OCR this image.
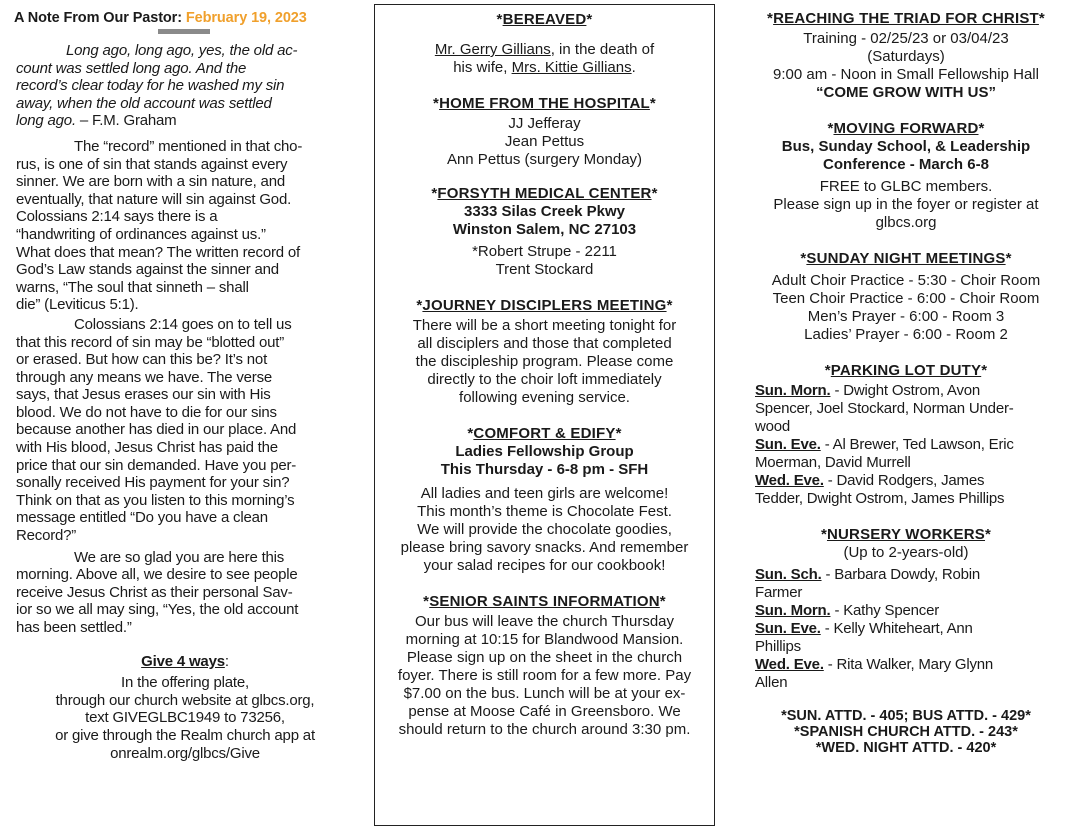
A Note From Our Pastor: February 19, 2023
Long ago, long ago, yes, the old ac-
count was settled long ago. And the
record’s clear today for he washed my sin
away, when the old account was settled
long ago. – F.M. Graham
The “record” mentioned in that cho-
rus, is one of sin that stands against every
sinner. We are born with a sin nature, and
eventually, that nature will sin against God.
Colossians 2:14 says there is a
“handwriting of ordinances against us.”
What does that mean? The written record of
God’s Law stands against the sinner and
warns, “The soul that sinneth – shall
die” (Leviticus 5:1).
Colossians 2:14 goes on to tell us
that this record of sin may be “blotted out”
or erased. But how can this be? It’s not
through any means we have. The verse
says, that Jesus erases our sin with His
blood. We do not have to die for our sins
because another has died in our place. And
with His blood, Jesus Christ has paid the
price that our sin demanded. Have you per-
sonally received His payment for your sin?
Think on that as you listen to this morning’s
message entitled “Do you have a clean
Record?”
We are so glad you are here this
morning. Above all, we desire to see people
receive Jesus Christ as their personal Sav-
ior so we all may sing, “Yes, the old account
has been settled.”
Give 4 ways:
In the offering plate,
through our church website at glbcs.org,
text GIVEGLBC1949 to 73256,
or give through the Realm church app at
onrealm.org/glbcs/Give
*BEREAVED*
Mr. Gerry Gillians, in the death of
his wife, Mrs. Kittie Gillians.
*HOME FROM THE HOSPITAL*
JJ Jefferay
Jean Pettus
Ann Pettus (surgery Monday)
*FORSYTH MEDICAL CENTER*
3333 Silas Creek Pkwy
Winston Salem, NC 27103
*Robert Strupe - 2211
Trent Stockard
*JOURNEY DISCIPLERS MEETING*
There will be a short meeting tonight for
all disciplers and those that completed
the discipleship program. Please come
directly to the choir loft immediately
following evening service.
*COMFORT & EDIFY*
Ladies Fellowship Group
This Thursday - 6-8 pm - SFH
All ladies and teen girls are welcome!
This month’s theme is Chocolate Fest.
We will provide the chocolate goodies,
please bring savory snacks. And remember
your salad recipes for our cookbook!
*SENIOR SAINTS INFORMATION*
Our bus will leave the church Thursday
morning at 10:15 for Blandwood Mansion.
Please sign up on the sheet in the church
foyer. There is still room for a few more. Pay
$7.00 on the bus. Lunch will be at your ex-
pense at Moose Café in Greensboro. We
should return to the church around 3:30 pm.
*REACHING THE TRIAD FOR CHRIST*
Training - 02/25/23 or 03/04/23
(Saturdays)
9:00 am - Noon in Small Fellowship Hall
“COME GROW WITH US”
*MOVING FORWARD*
Bus, Sunday School, & Leadership
Conference - March 6-8
FREE to GLBC members.
Please sign up in the foyer or register at
glbcs.org
*SUNDAY NIGHT MEETINGS*
Adult Choir Practice - 5:30 - Choir Room
Teen Choir Practice - 6:00 - Choir Room
Men’s Prayer - 6:00 - Room 3
Ladies’ Prayer - 6:00 - Room 2
*PARKING LOT DUTY*
Sun. Morn. - Dwight Ostrom, Avon
Spencer, Joel Stockard, Norman Under-
wood
Sun. Eve. - Al Brewer, Ted Lawson, Eric
Moerman, David Murrell
Wed. Eve. - David Rodgers, James
Tedder, Dwight Ostrom, James Phillips
*NURSERY WORKERS*
(Up to 2-years-old)
Sun. Sch. - Barbara Dowdy, Robin
Farmer
Sun. Morn. - Kathy Spencer
Sun. Eve. - Kelly Whiteheart, Ann
Phillips
Wed. Eve. - Rita Walker, Mary Glynn
Allen
*SUN. ATTD. - 405; BUS ATTD. - 429*
*SPANISH CHURCH ATTD. - 243*
*WED. NIGHT ATTD. - 420*
